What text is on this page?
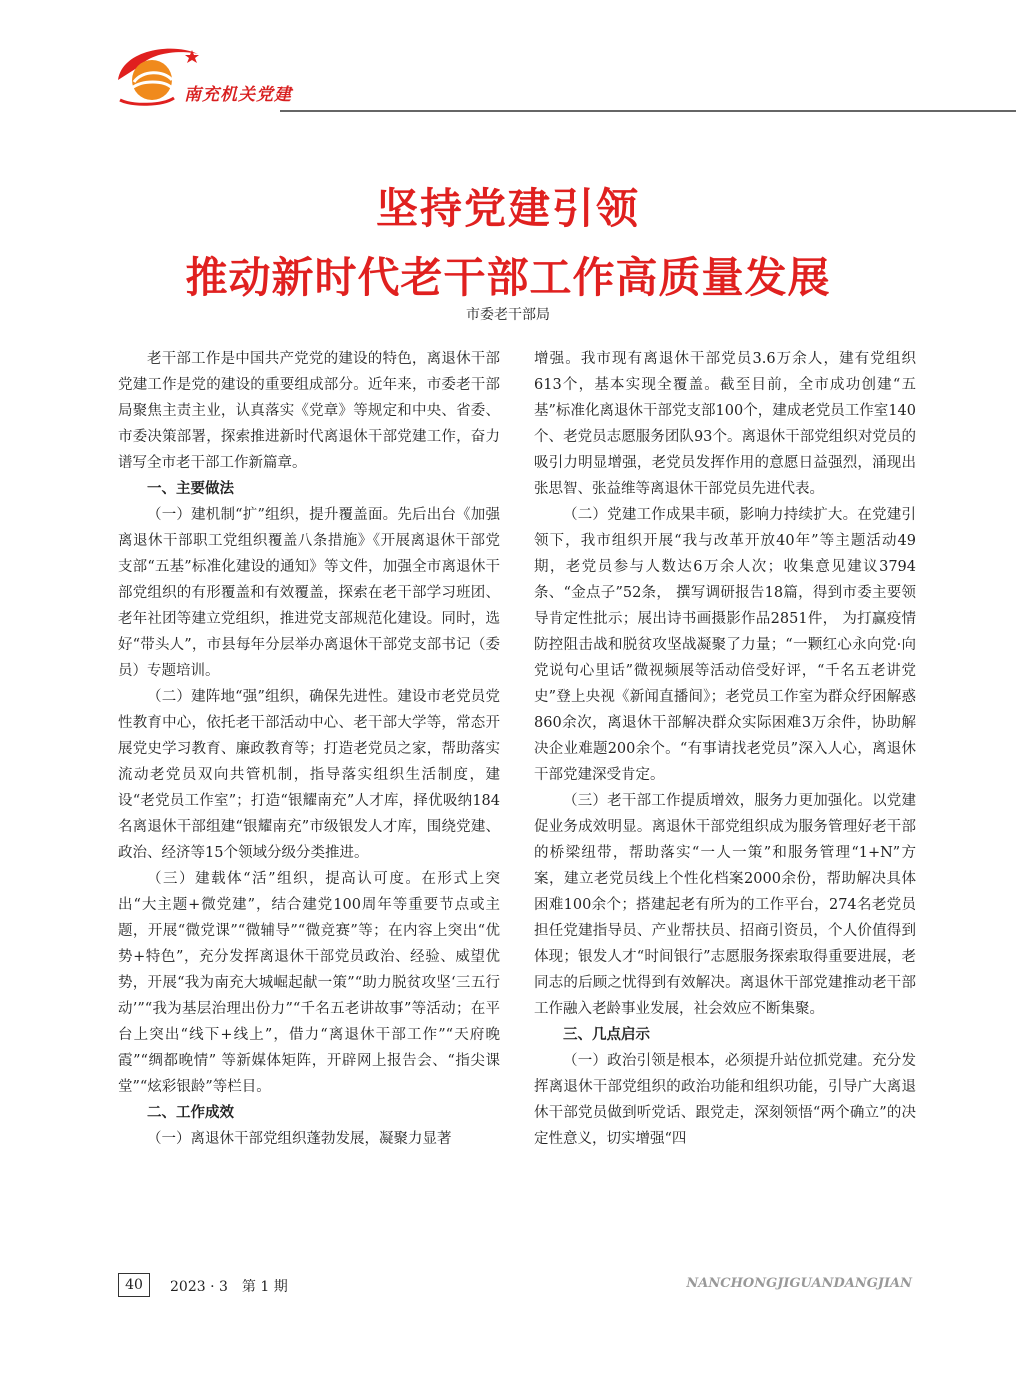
南充机关党建
坚持党建引领
推动新时代老干部工作高质量发展
市委老干部局

老干部工作是中国共产党党的建设的特色，离退休干部党建工作是党的建设的重要组成部分。近年来，市委老干部局聚焦主责主业，认真落实《党章》等规定和中央、省委、市委决策部署，探索推进新时代离退休干部党建工作，奋力谱写全市老干部工作新篇章。

一、主要做法

（一）建机制“扩”组织，提升覆盖面。先后出台《加强离退休干部职工党组织覆盖八条措施》《开展离退休干部党支部“五基”标准化建设的通知》等文件，加强全市离退休干部党组织的有形覆盖和有效覆盖，探索在老干部学习班团、老年社团等建立党组织，推进党支部规范化建设。同时，选好“带头人”，市县每年分层举办离退休干部党支部书记（委员）专题培训。

（二）建阵地“强”组织，确保先进性。建设市老党员党性教育中心，依托老干部活动中心、老干部大学等，常态开展党史学习教育、廉政教育等；打造老党员之家，帮助落实流动老党员双向共管机制，指导落实组织生活制度，建设“老党员工作室”；打造“银耀南充”人才库，择优吸纳184名离退休干部组建“银耀南充”市级银发人才库，围绕党建、政治、经济等15个领域分级分类推进。

（三）建载体“活”组织，提高认可度。在形式上突出“大主题+微党建”，结合建党100周年等重要节点或主题，开展“微党课”“微辅导”“微竞赛”等；在内容上突出“优势+特色”，充分发挥离退休干部党员政治、经验、威望优势，开展“我为南充大城崛起献一策”“助力脱贫攻坚‘三五行动’”“我为基层治理出份力”“千名五老讲故事”等活动；在平台上突出“线下+线上”，借力“离退休干部工作”“天府晚霞”“绸都晚情” 等新媒体矩阵，开辟网上报告会、“指尖课堂”“炫彩银龄”等栏目。

二、工作成效

（一）离退休干部党组织蓬勃发展，凝聚力显著

增强。我市现有离退休干部党员3.6万余人，建有党组织613个，基本实现全覆盖。截至目前，全市成功创建“五基”标准化离退休干部党支部100个，建成老党员工作室140个、老党员志愿服务团队93个。离退休干部党组织对党员的吸引力明显增强，老党员发挥作用的意愿日益强烈，涌现出张思智、张益维等离退休干部党员先进代表。

（二）党建工作成果丰硕，影响力持续扩大。在党建引领下，我市组织开展“我与改革开放40年”等主题活动49期，老党员参与人数达6万余人次；收集意见建议3794条、“金点子”52条， 撰写调研报告18篇，得到市委主要领导肯定性批示；展出诗书画摄影作品2851件， 为打赢疫情防控阻击战和脱贫攻坚战凝聚了力量；“一颗红心永向党·向党说句心里话”微视频展等活动倍受好评，“千名五老讲党史”登上央视《新闻直播间》；老党员工作室为群众纾困解惑860余次，离退休干部解决群众实际困难3万余件，协助解决企业难题200余个。“有事请找老党员”深入人心，离退休干部党建深受肯定。

（三）老干部工作提质增效，服务力更加强化。以党建促业务成效明显。离退休干部党组织成为服务管理好老干部的桥梁纽带，帮助落实“一人一策”和服务管理“1+N”方案，建立老党员线上个性化档案2000余份，帮助解决具体困难100余个；搭建起老有所为的工作平台，274名老党员担任党建指导员、产业帮扶员、招商引资员，个人价值得到体现；银发人才“时间银行”志愿服务探索取得重要进展，老同志的后顾之忧得到有效解决。离退休干部党建推动老干部工作融入老龄事业发展，社会效应不断集聚。

三、几点启示

（一）政治引领是根本，必须提升站位抓党建。充分发挥离退休干部党组织的政治功能和组织功能，引导广大离退休干部党员做到听党话、跟党走，深刻领悟“两个确立”的决定性意义，切实增强“四

40	2023 · 3　第 1 期	NANCHONGJIGUANDANGJIAN
